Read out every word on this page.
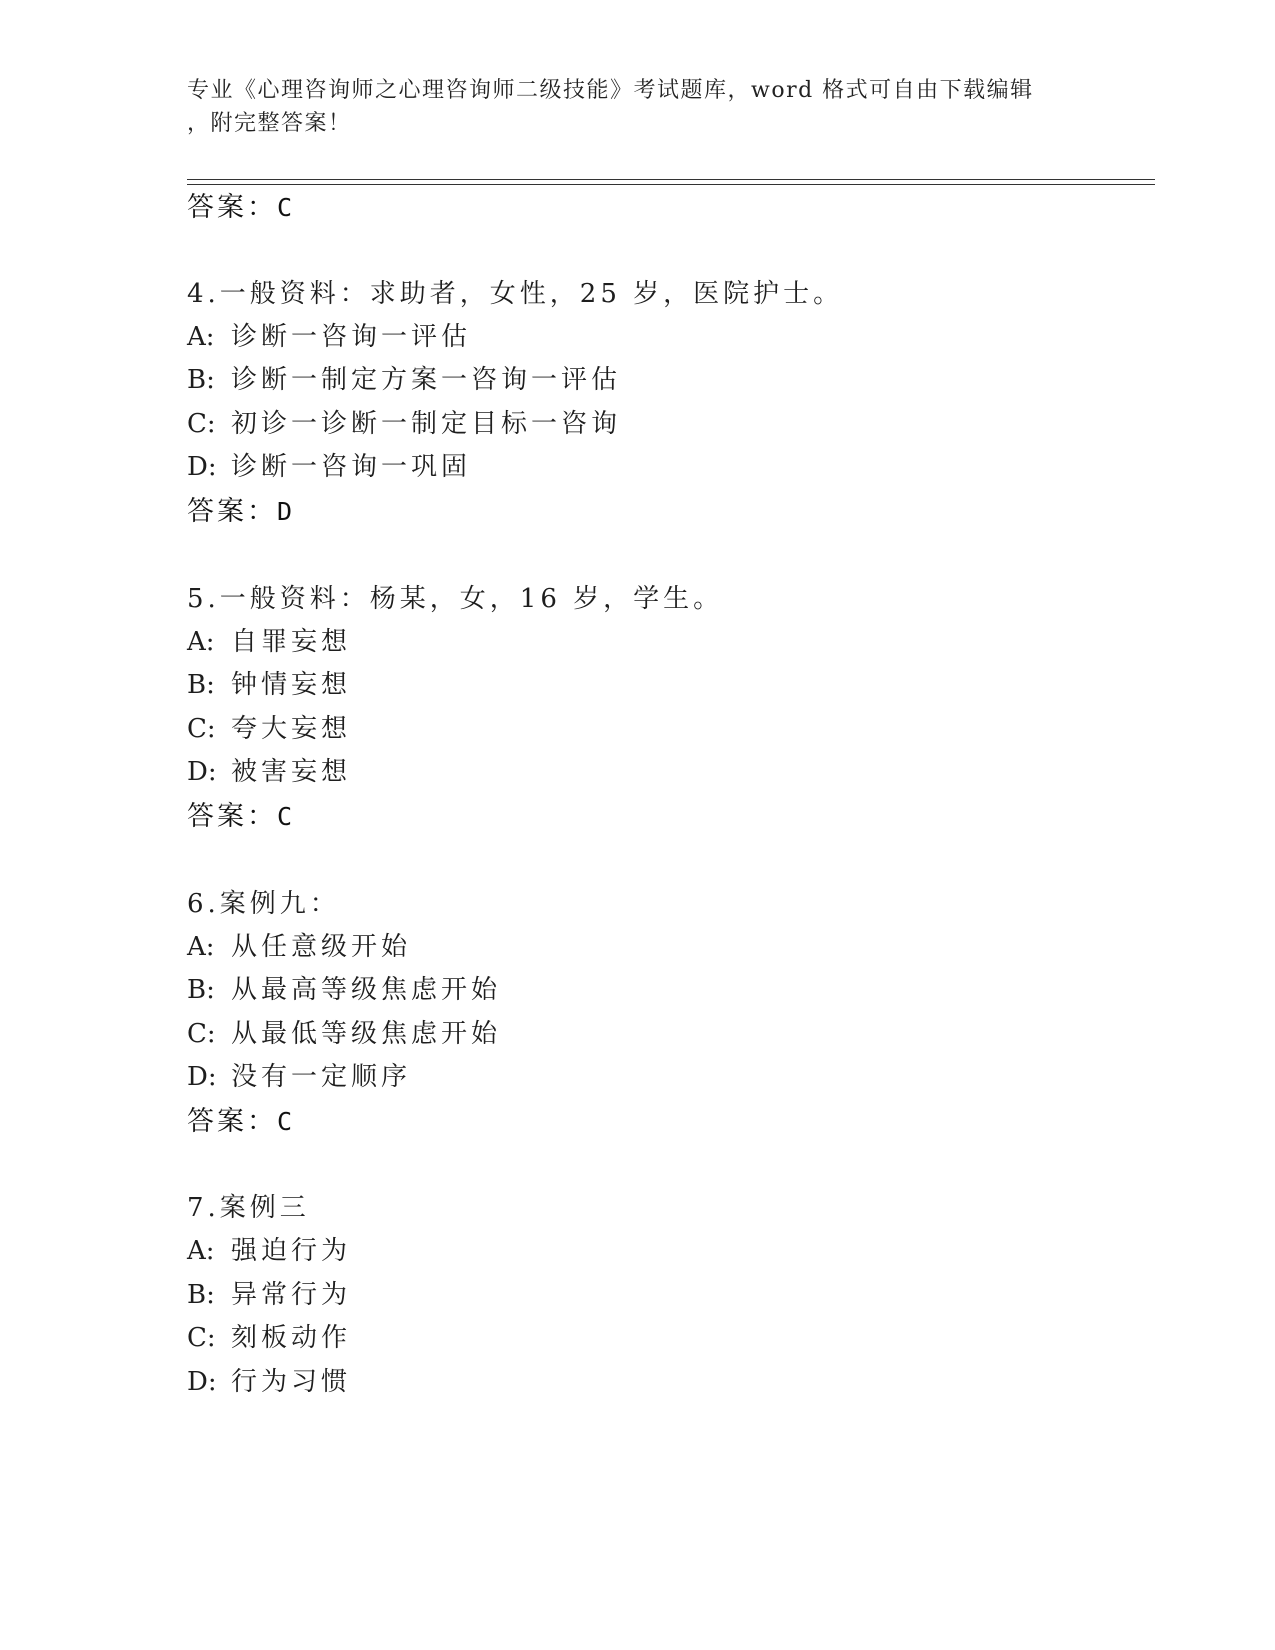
专业《心理咨询师之心理咨询师二级技能》考试题库，word 格式可自由下载编辑
，附完整答案！
答案：C
4.一般资料：求助者，女性，25 岁，医院护士。
A: 诊断一咨询一评估
B: 诊断一制定方案一咨询一评估
C: 初诊一诊断一制定目标一咨询
D: 诊断一咨询一巩固
答案：D
5.一般资料：杨某，女，16 岁，学生。
A: 自罪妄想
B: 钟情妄想
C: 夸大妄想
D: 被害妄想
答案：C
6.案例九：
A: 从任意级开始
B: 从最高等级焦虑开始
C: 从最低等级焦虑开始
D: 没有一定顺序
答案：C
7.案例三
A: 强迫行为
B: 异常行为
C: 刻板动作
D: 行为习惯
